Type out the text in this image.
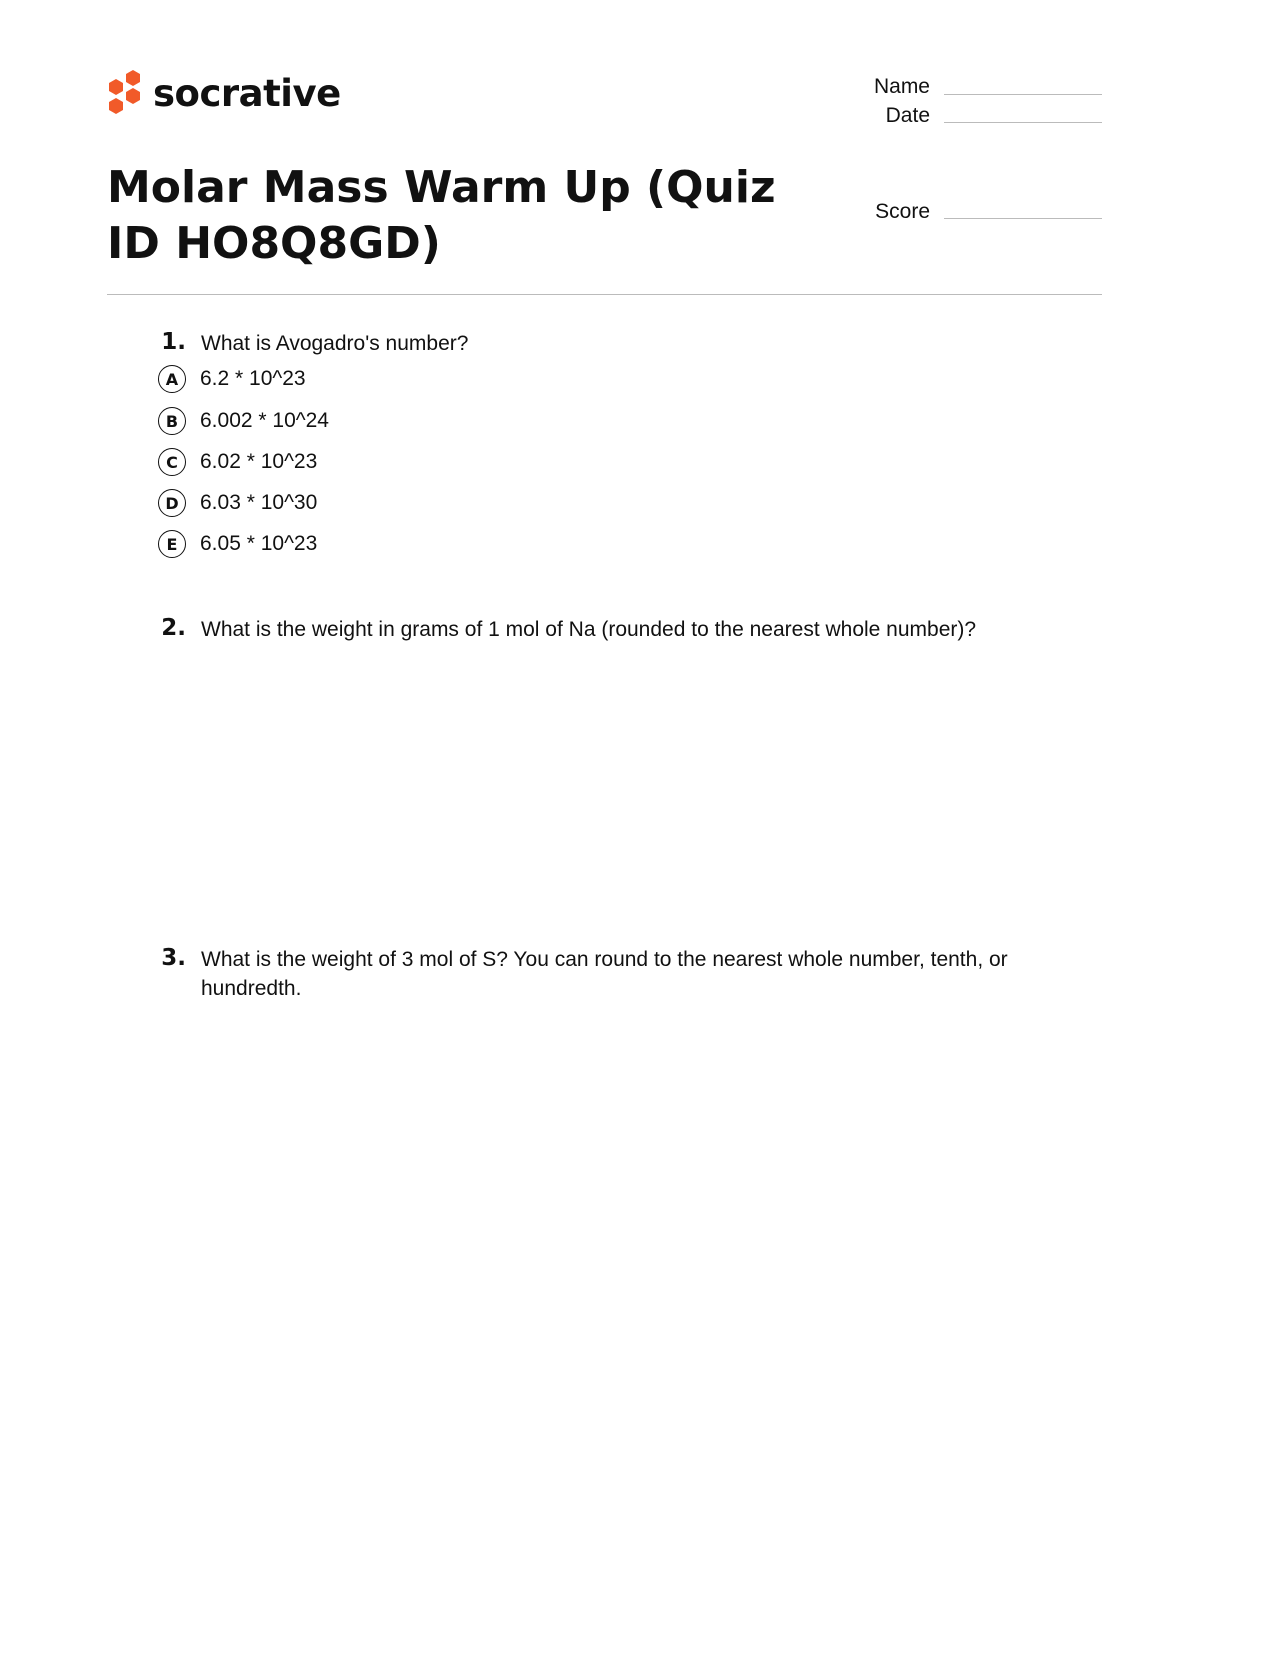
socrative	Name
Date
Score
Molar Mass Warm Up (Quiz ID HO8Q8GD)
1. What is Avogadro's number?
A	6.2 * 10^23
B	6.002 * 10^24
C	6.02 * 10^23
D	6.03 * 10^30
E	6.05 * 10^23
2. What is the weight in grams of 1 mol of Na (rounded to the nearest whole number)?
3. What is the weight of 3 mol of S? You can round to the nearest whole number, tenth, or hundredth.
